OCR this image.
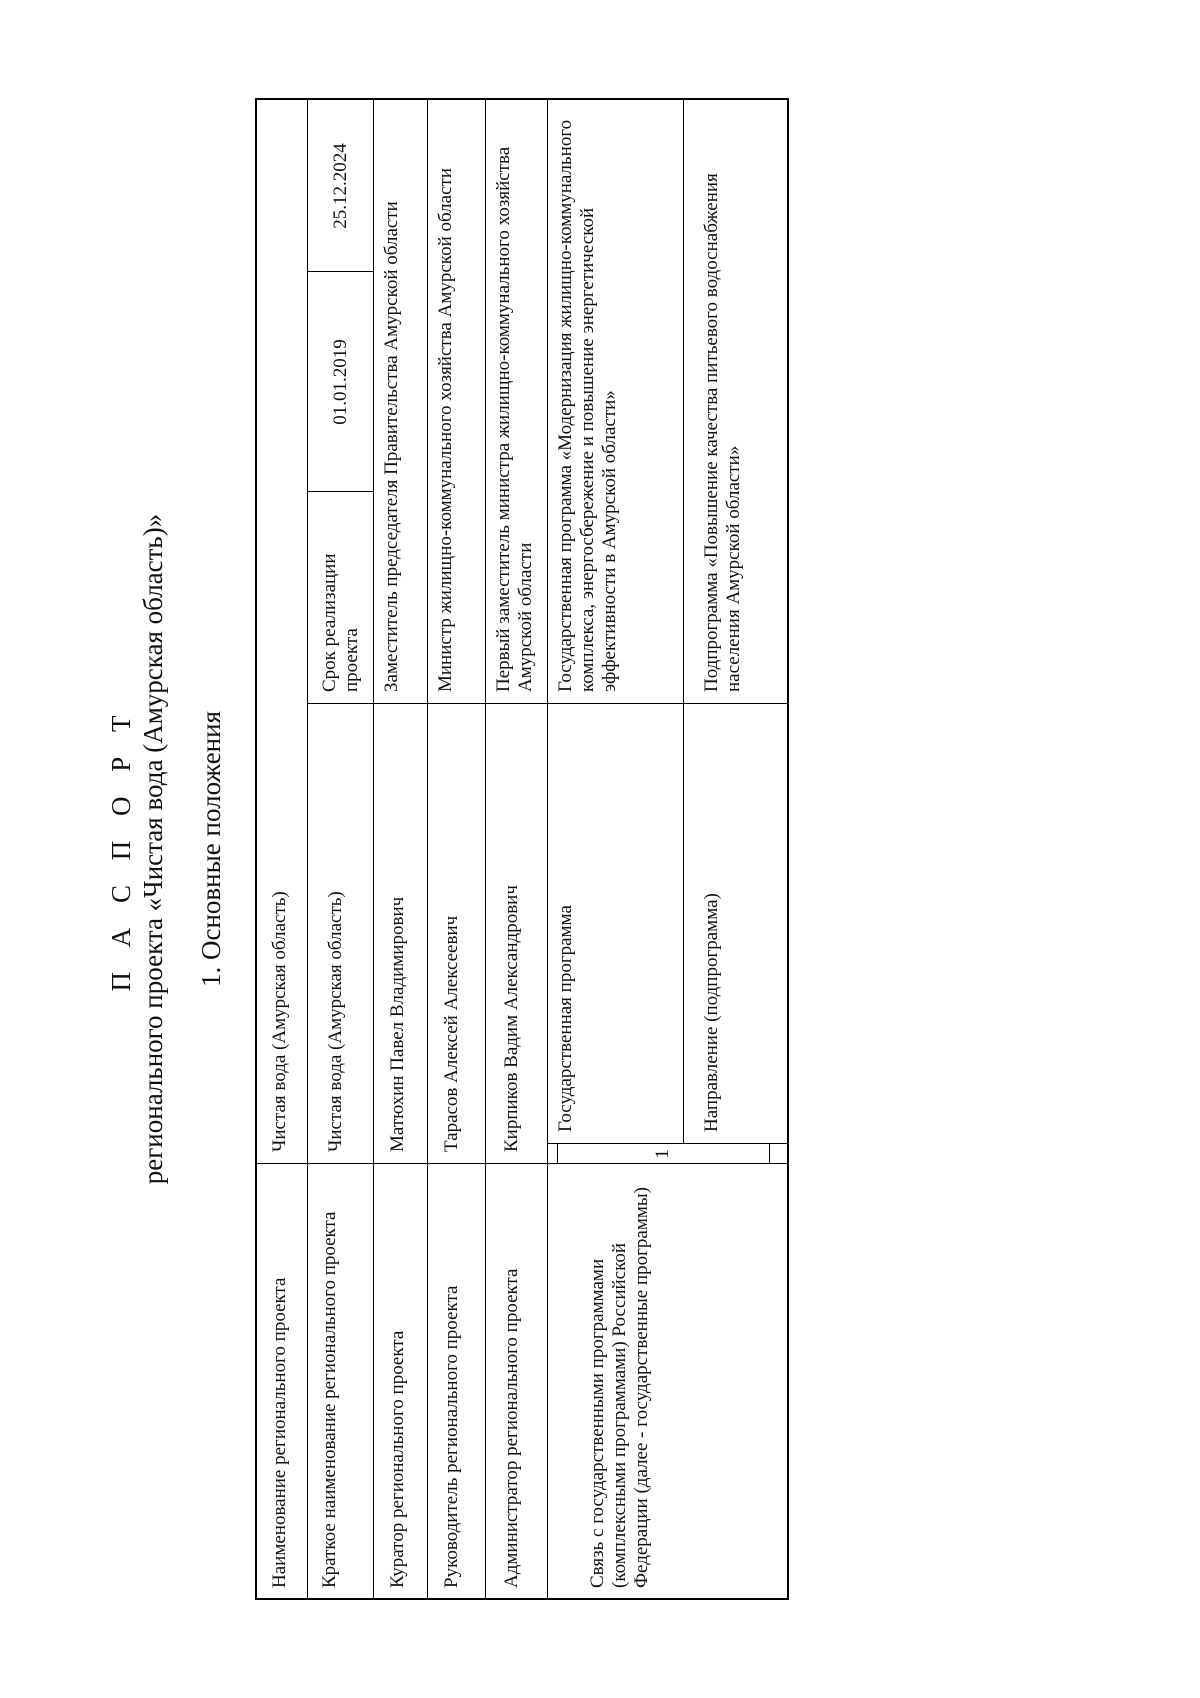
П А С П О Р Т регионального проекта «Чистая вода (Амурская область)» 1. Основные положения
Наименование регионального проекта
Чистая вода (Амурская область)
Краткое наименование регионального проекта
Чистая вода (Амурская область)
Срок реализации проекта
01.01.2019
25.12.2024
Куратор регионального проекта
Матюхин Павел Владимирович
Заместитель председателя Правительства Амурской области
Руководитель регионального проекта
Тарасов Алексей Алексеевич
Министр жилищно-коммунального хозяйства Амурской области
Администратор регионального проекта
Кирпиков Вадим Александрович
Первый заместитель министра жилищно-коммунального хозяйства Амурской области
Связь с государственными программами (комплексными программами) Российской Федерации (далее - государственные программы)
1
Государственная программа
Государственная программа «Модернизация жилищно-коммунального комплекса, энергосбережение и повышение энергетической эффективности в Амурской области»
Направление (подпрограмма)
Подпрограмма «Повышение качества питьевого водоснабжения населения Амурской области»
